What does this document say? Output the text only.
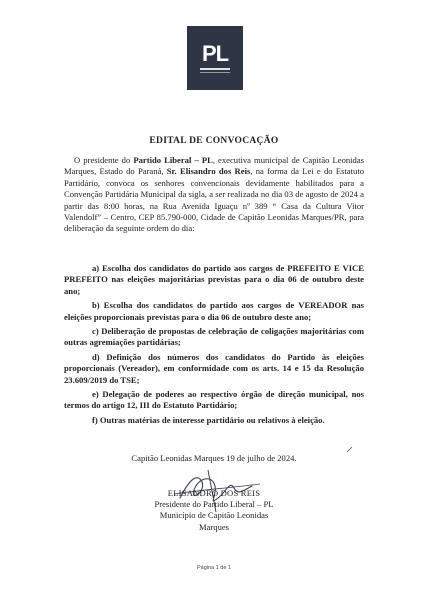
PL
EDITAL DE CONVOCAÇÃO
O presidente do Partido Liberal – PL, executiva municipal de Capitão Leonidas Marques, Estado do Paraná, Sr. Elisandro dos Reis, na forma da Lei e do Estatuto Partidário, convoca os senhores convencionais devidamente habilitados para a Convenção Partidária Municipal da sigla, a ser realizada no dia 03 de agosto de 2024 a partir das 8:00 horas, na Rua Avenida Iguaçu nº 389 “ Casa da Cultura Vitor Valendolf” – Centro, CEP 85.790-000, Cidade de Capitão Leonidas Marques/PR, para deliberação da seguinte ordem do dia:

a) Escolha dos candidatos do partido aos cargos de PREFEITO E VICE PREFEITO nas eleições majoritárias previstas para o dia 06 de outubro deste ano;

b) Escolha dos candidatos do partido aos cargos de VEREADOR nas eleições proporcionais previstas para o dia 06 de outubro deste ano;

c) Deliberação de propostas de celebração de coligações majoritárias com outras agremiações partidárias;

d) Definição dos números dos candidatos do Partido às eleições proporcionais (Vereador), em conformidade com os arts. 14 e 15 da Resolução 23.609/2019 do TSE;

e) Delegação de poderes ao respectivo órgão de direção municipal, nos termos do artigo 12, III do Estatuto Partidário;

f) Outras matérias de interesse partidário ou relativos à eleição.

Capitão Leonidas Marques 19 de julho de 2024.
ELISANDRO DOS REIS
Presidente do Partido Liberal – PL
Município de Capitão Leonidas
Marques
Página 1 de 1
